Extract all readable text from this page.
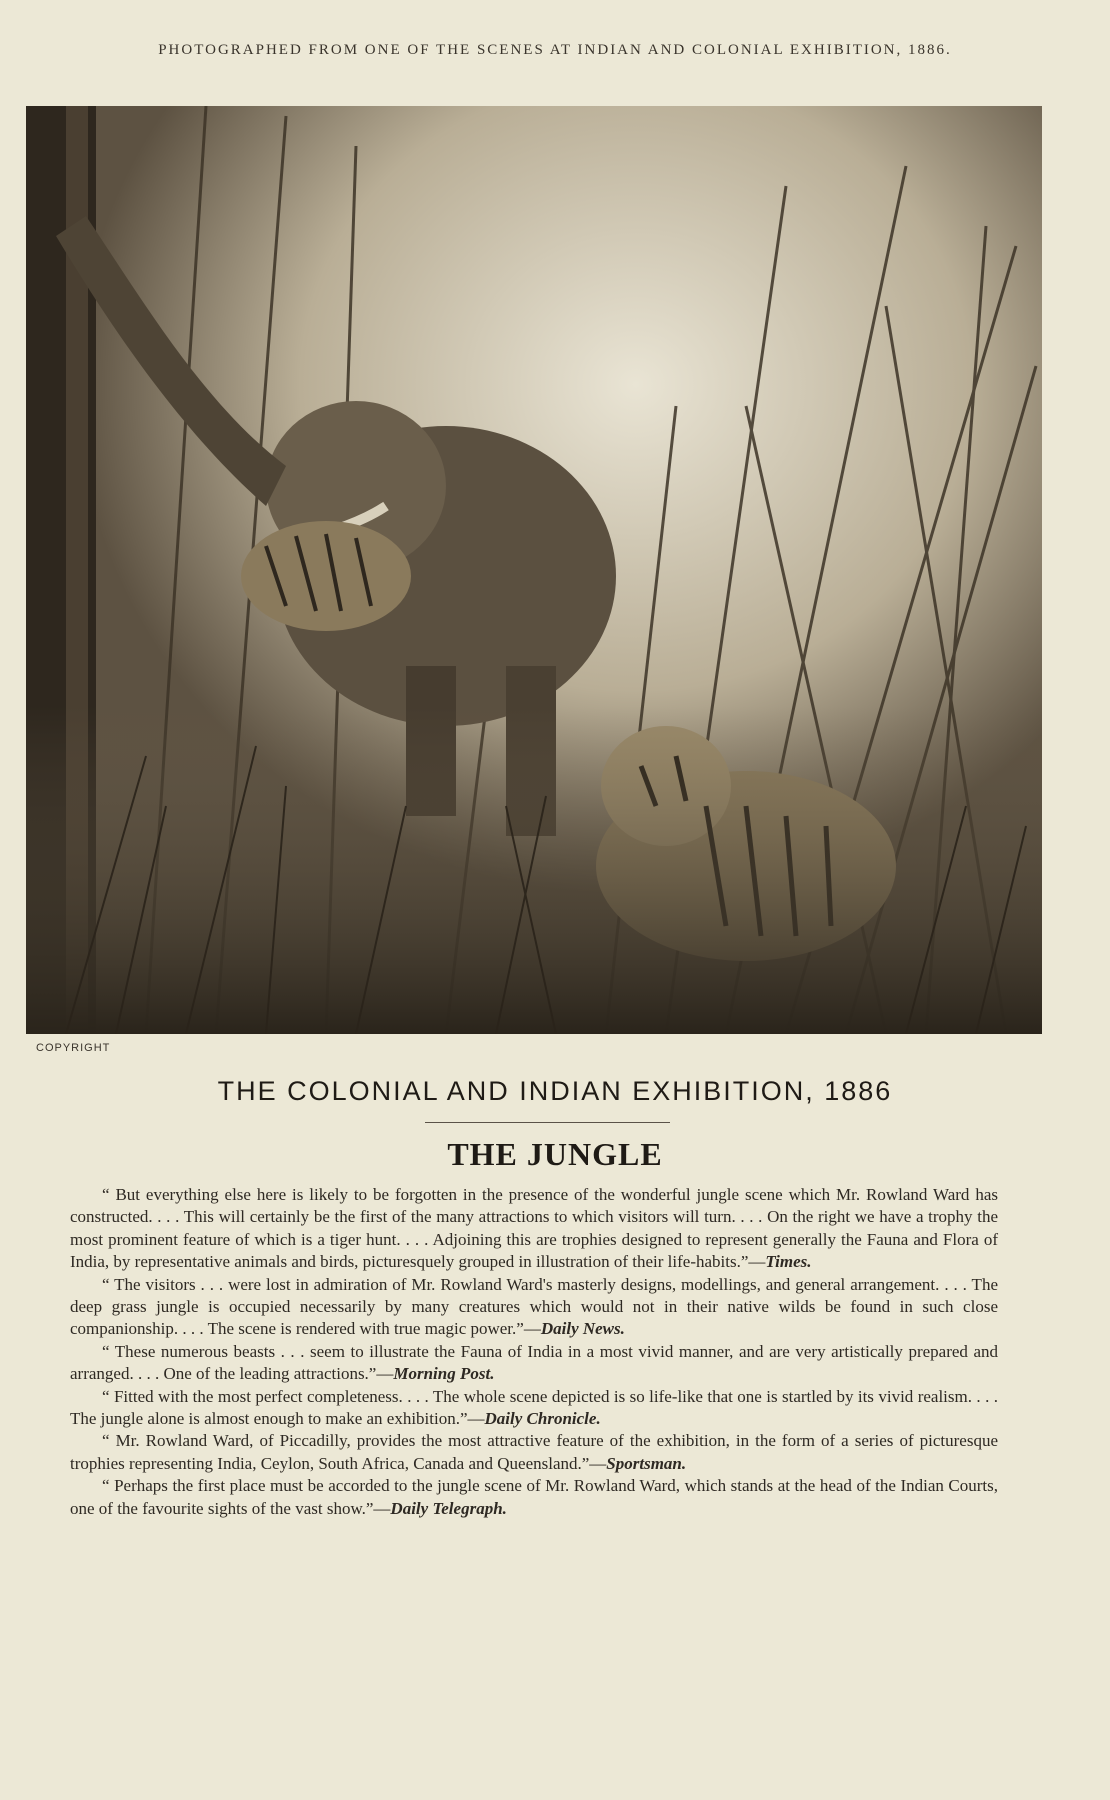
PHOTOGRAPHED FROM ONE OF THE SCENES AT INDIAN AND COLONIAL EXHIBITION, 1886.
COPYRIGHT
THE COLONIAL AND INDIAN EXHIBITION, 1886
THE JUNGLE

“ But everything else here is likely to be forgotten in the presence of the wonderful jungle scene which Mr. Rowland Ward has constructed. . . . This will certainly be the first of the many attractions to which visitors will turn. . . . On the right we have a trophy the most prominent feature of which is a tiger hunt. . . . Adjoining this are trophies designed to represent generally the Fauna and Flora of India, by representative animals and birds, picturesquely grouped in illustration of their life-habits.”—Times.

“ The visitors . . . were lost in admiration of Mr. Rowland Ward's masterly designs, modellings, and general arrangement. . . . The deep grass jungle is occupied necessarily by many creatures which would not in their native wilds be found in such close companionship. . . . The scene is rendered with true magic power.”—Daily News.

“ These numerous beasts . . . seem to illustrate the Fauna of India in a most vivid manner, and are very artistically prepared and arranged. . . . One of the leading attractions.”—Morning Post.

“ Fitted with the most perfect completeness. . . . The whole scene depicted is so life-like that one is startled by its vivid realism. . . . The jungle alone is almost enough to make an exhibition.”—Daily Chronicle.

“ Mr. Rowland Ward, of Piccadilly, provides the most attractive feature of the exhibition, in the form of a series of picturesque trophies representing India, Ceylon, South Africa, Canada and Queensland.”—Sportsman.

“ Perhaps the first place must be accorded to the jungle scene of Mr. Rowland Ward, which stands at the head of the Indian Courts, one of the favourite sights of the vast show.”—Daily Telegraph.
